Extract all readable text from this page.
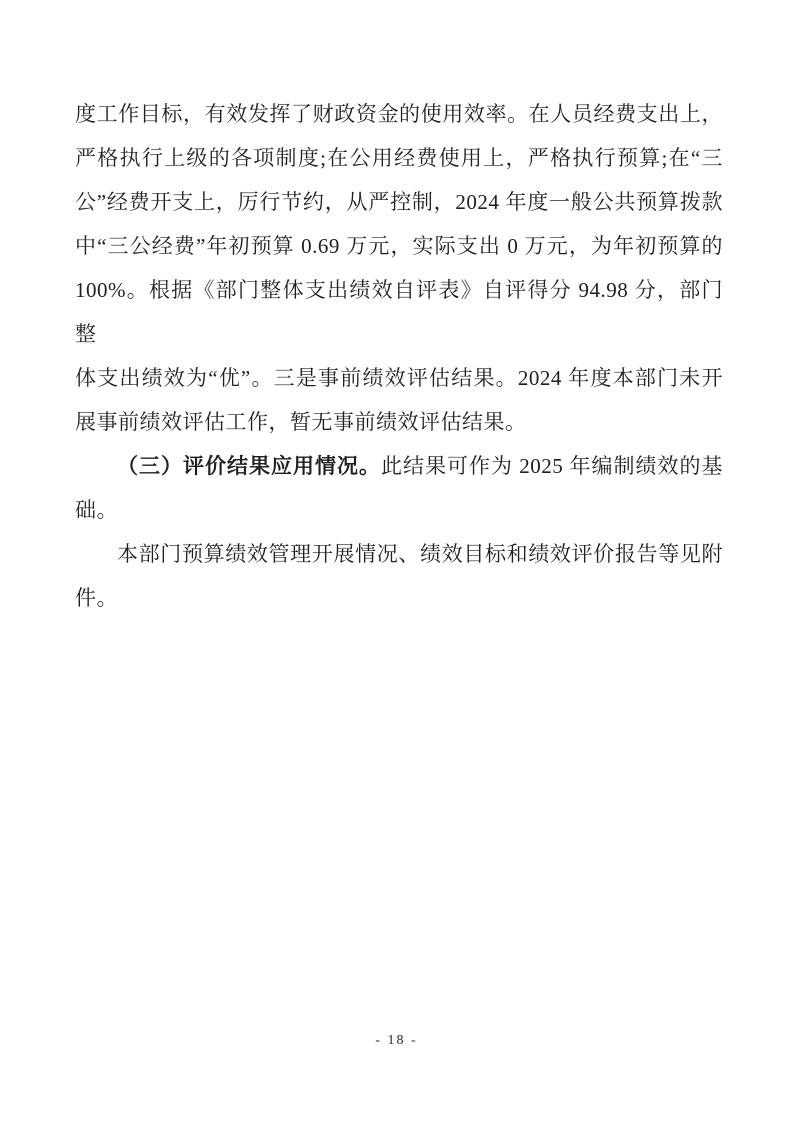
度工作目标，有效发挥了财政资金的使用效率。在人员经费支出上，
严格执行上级的各项制度;在公用经费使用上，严格执行预算;在“三
公”经费开支上，厉行节约，从严控制，2024 年度一般公共预算拨款
中“三公经费”年初预算 0.69 万元，实际支出 0 万元，为年初预算的
100%。根据《部门整体支出绩效自评表》自评得分 94.98 分，部门整
体支出绩效为“优”。三是事前绩效评估结果。2024 年度本部门未开
展事前绩效评估工作，暂无事前绩效评估结果。
（三）评价结果应用情况。此结果可作为 2025 年编制绩效的基
础。
本部门预算绩效管理开展情况、绩效目标和绩效评价报告等见附
件。
- 18 -
